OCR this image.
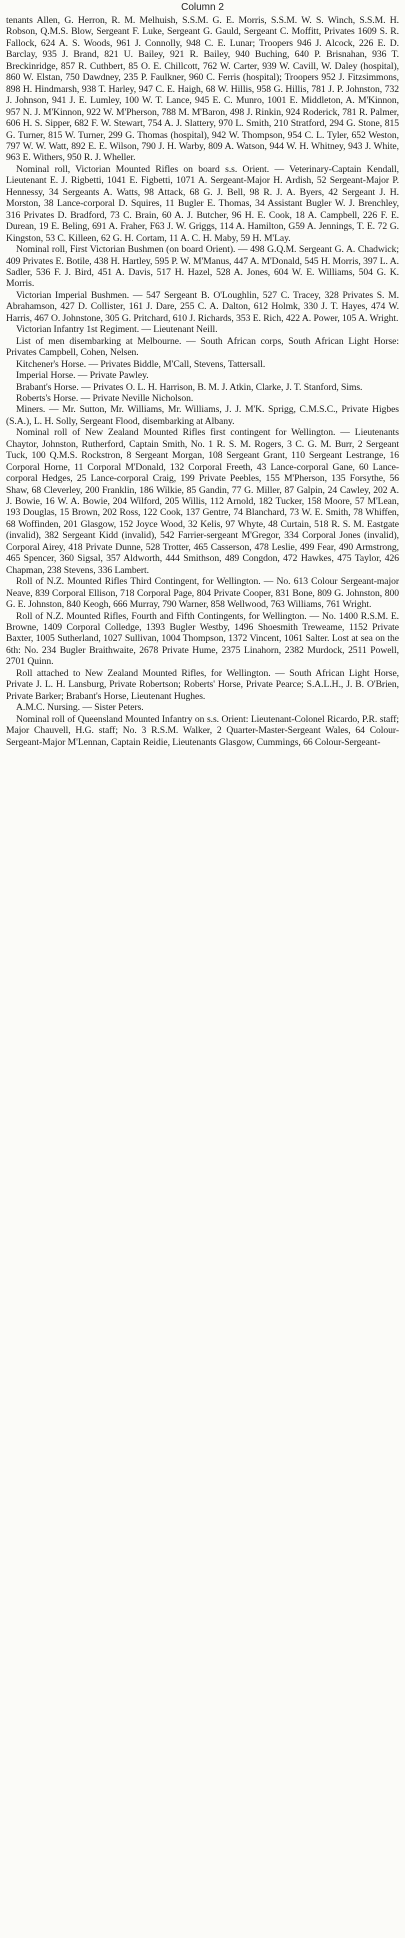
Column 2

tenants Allen, G. Herron, R. M. Melhuish, S.S.M. G. E. Morris, S.S.M. W. S. Winch, S.S.M. H. Robson, Q.M.S. Blow, Sergeant F. Luke, Sergeant G. Gauld, Sergeant C. Moffitt, Privates 1609 S. R. Fallock, 624 A. S. Woods, 961 J. Connolly, 948 C. E. Lunar; Troopers 946 J. Alcock, 226 E. D. Barclay, 935 J. Brand, 821 U. Bailey, 921 R. Bailey, 940 Buching, 640 P. Brisnahan, 936 T. Breckinridge, 857 R. Cuthbert, 85 O. E. Chillcott, 762 W. Carter, 939 W. Cavill, W. Daley (hospital), 860 W. Elstan, 750 Dawdney, 235 P. Faulkner, 960 C. Ferris (hospital); Troopers 952 J. Fitzsimmons, 898 H. Hindmarsh, 938 T. Harley, 947 C. E. Haigh, 68 W. Hillis, 958 G. Hillis, 781 J. P. Johnston, 732 J. Johnson, 941 J. E. Lumley, 100 W. T. Lance, 945 E. C. Munro, 1001 E. Middleton, A. M'Kinnon, 957 N. J. M'Kinnon, 922 W. M'Pherson, 788 M. M'Baron, 498 J. Rinkin, 924 Roderick, 781 R. Palmer, 606 H. S. Sipper, 682 F. W. Stewart, 754 A. J. Slattery, 970 L. Smith, 210 Stratford, 294 G. Stone, 815 G. Turner, 815 W. Turner, 299 G. Thomas (hospital), 942 W. Thompson, 954 C. L. Tyler, 652 Weston, 797 W. W. Watt, 892 E. E. Wilson, 790 J. H. Warby, 809 A. Watson, 944 W. H. Whitney, 943 J. White, 963 E. Withers, 950 R. J. Wheller.

Nominal roll, Victorian Mounted Rifles on board s.s. Orient. — Veterinary-Captain Kendall, Lieutenant E. J. Rigbetti, 1041 E. Figbetti, 1071 A. Sergeant-Major H. Ardish, 52 Sergeant-Major P. Hennessy, 34 Sergeants A. Watts, 98 Attack, 68 G. J. Bell, 98 R. J. A. Byers, 42 Sergeant J. H. Morston, 38 Lance-corporal D. Squires, 11 Bugler E. Thomas, 34 Assistant Bugler W. J. Brenchley, 316 Privates D. Bradford, 73 C. Brain, 60 A. J. Butcher, 96 H. E. Cook, 18 A. Campbell, 226 F. E. Durean, 19 E. Beling, 691 A. Fraher, F63 J. W. Griggs, 114 A. Hamilton, G59 A. Jennings, T. E. 72 G. Kingston, 53 C. Killeen, 62 G. H. Cortam, 11 A. C. H. Maby, 59 H. M'Lay.

Nominal roll, First Victorian Bushmen (on board Orient). — 498 G.Q.M. Sergeant G. A. Chadwick; 409 Privates E. Botile, 438 H. Hartley, 595 P. W. M'Manus, 447 A. M'Donald, 545 H. Morris, 397 L. A. Sadler, 536 F. J. Bird, 451 A. Davis, 517 H. Hazel, 528 A. Jones, 604 W. E. Williams, 504 G. K. Morris.

Victorian Imperial Bushmen. — 547 Sergeant B. O'Loughlin, 527 C. Tracey, 328 Privates S. M. Abrahamson, 427 D. Collister, 161 J. Dare, 255 C. A. Dalton, 612 Holmk, 330 J. T. Hayes, 474 W. Harris, 467 O. Johnstone, 305 G. Pritchard, 610 J. Richards, 353 E. Rich, 422 A. Power, 105 A. Wright.

Victorian Infantry 1st Regiment. — Lieutenant Neill.

List of men disembarking at Melbourne. — South African corps, South African Light Horse: Privates Campbell, Cohen, Nelsen.

Kitchener's Horse. — Privates Biddle, M'Call, Stevens, Tattersall.

Imperial Horse. — Private Pawley.

Brabant's Horse. — Privates O. L. H. Harrison, B. M. J. Atkin, Clarke, J. T. Stanford, Sims.

Roberts's Horse. — Private Neville Nicholson.

Miners. — Mr. Sutton, Mr. Williams, Mr. Williams, J. J. M'K. Sprigg, C.M.S.C., Private Higbes (S.A.), L. H. Solly, Sergeant Flood, disembarking at Albany.

Nominal roll of New Zealand Mounted Rifles first contingent for Wellington. — Lieutenants Chaytor, Johnston, Rutherford, Captain Smith, No. 1 R. S. M. Rogers, 3 C. G. M. Burr, 2 Sergeant Tuck, 100 Q.M.S. Rockstron, 8 Sergeant Morgan, 108 Sergeant Grant, 110 Sergeant Lestrange, 16 Corporal Horne, 11 Corporal M'Donald, 132 Corporal Freeth, 43 Lance-corporal Gane, 60 Lance-corporal Hedges, 25 Lance-corporal Craig, 199 Private Peebles, 155 M'Pherson, 135 Forsythe, 56 Shaw, 68 Cleverley, 200 Franklin, 186 Wilkie, 85 Gandin, 77 G. Miller, 87 Galpin, 24 Cawley, 202 A. J. Bowie, 16 W. A. Bowie, 204 Wilford, 205 Willis, 112 Arnold, 182 Tucker, 158 Moore, 57 M'Lean, 193 Douglas, 15 Brown, 202 Ross, 122 Cook, 137 Gentre, 74 Blanchard, 73 W. E. Smith, 78 Whiffen, 68 Woffinden, 201 Glasgow, 152 Joyce Wood, 32 Kelis, 97 Whyte, 48 Curtain, 518 R. S. M. Eastgate (invalid), 382 Sergeant Kidd (invalid), 542 Farrier-sergeant M'Gregor, 334 Corporal Jones (invalid), Corporal Airey, 418 Private Dunne, 528 Trotter, 465 Casserson, 478 Leslie, 499 Fear, 490 Armstrong, 465 Spencer, 360 Sigsal, 357 Aldworth, 444 Smithson, 489 Congdon, 472 Hawkes, 475 Taylor, 426 Chapman, 238 Stevens, 336 Lambert.

Roll of N.Z. Mounted Rifles Third Contingent, for Wellington. — No. 613 Colour Sergeant-major Neave, 839 Corporal Ellison, 718 Corporal Page, 804 Private Cooper, 831 Bone, 809 G. Johnston, 800 G. E. Johnston, 840 Keogh, 666 Murray, 790 Warner, 858 Wellwood, 763 Williams, 761 Wright.

Roll of N.Z. Mounted Rifles, Fourth and Fifth Contingents, for Wellington. — No. 1400 R.S.M. E. Browne, 1409 Corporal Colledge, 1393 Bugler Westby, 1496 Shoesmith Treweame, 1152 Private Baxter, 1005 Sutherland, 1027 Sullivan, 1004 Thompson, 1372 Vincent, 1061 Salter. Lost at sea on the 6th: No. 234 Bugler Braithwaite, 2678 Private Hume, 2375 Linahorn, 2382 Murdock, 2511 Powell, 2701 Quinn.

Roll attached to New Zealand Mounted Rifles, for Wellington. — South African Light Horse, Private J. L. H. Lansburg, Private Robertson; Roberts' Horse, Private Pearce; S.A.L.H., J. B. O'Brien, Private Barker; Brabant's Horse, Lieutenant Hughes.

A.M.C. Nursing. — Sister Peters.

Nominal roll of Queensland Mounted Infantry on s.s. Orient: Lieutenant-Colonel Ricardo, P.R. staff; Major Chauvell, H.G. staff; No. 3 R.S.M. Walker, 2 Quarter-Master-Sergeant Wales, 64 Colour-Sergeant-Major M'Lennan, Captain Reidie, Lieutenants Glasgow, Cummings, 66 Colour-Sergeant-
